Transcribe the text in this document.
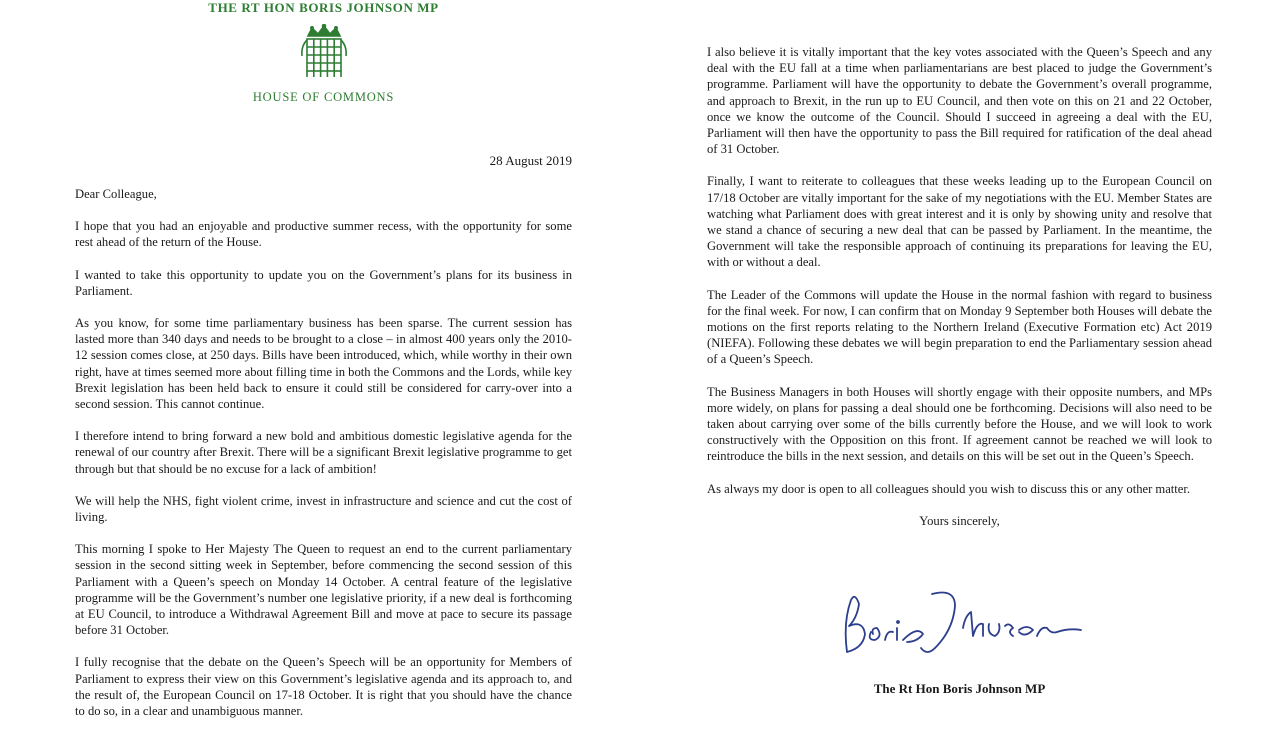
THE RT HON BORIS JOHNSON MP
HOUSE OF COMMONS
28 August 2019

Dear Colleague,

I hope that you had an enjoyable and productive summer recess, with the opportunity for some rest ahead of the return of the House.

I wanted to take this opportunity to update you on the Government’s plans for its business in Parliament.

As you know, for some time parliamentary business has been sparse. The current session has lasted more than 340 days and needs to be brought to a close – in almost 400 years only the 2010-12 session comes close, at 250 days. Bills have been introduced, which, while worthy in their own right, have at times seemed more about filling time in both the Commons and the Lords, while key Brexit legislation has been held back to ensure it could still be considered for carry-over into a second session. This cannot continue.

I therefore intend to bring forward a new bold and ambitious domestic legislative agenda for the renewal of our country after Brexit. There will be a significant Brexit legislative programme to get through but that should be no excuse for a lack of ambition!

We will help the NHS, fight violent crime, invest in infrastructure and science and cut the cost of living.

This morning I spoke to Her Majesty The Queen to request an end to the current parliamentary session in the second sitting week in September, before commencing the second session of this Parliament with a Queen’s speech on Monday 14 October. A central feature of the legislative programme will be the Government’s number one legislative priority, if a new deal is forthcoming at EU Council, to introduce a Withdrawal Agreement Bill and move at pace to secure its passage before 31 October.

I fully recognise that the debate on the Queen’s Speech will be an opportunity for Members of Parliament to express their view on this Government’s legislative agenda and its approach to, and the result of, the European Council on 17-18 October. It is right that you should have the chance to do so, in a clear and unambiguous manner.

I also believe it is vitally important that the key votes associated with the Queen’s Speech and any deal with the EU fall at a time when parliamentarians are best placed to judge the Government’s programme. Parliament will have the opportunity to debate the Government’s overall programme, and approach to Brexit, in the run up to EU Council, and then vote on this on 21 and 22 October, once we know the outcome of the Council. Should I succeed in agreeing a deal with the EU, Parliament will then have the opportunity to pass the Bill required for ratification of the deal ahead of 31 October.

Finally, I want to reiterate to colleagues that these weeks leading up to the European Council on 17/18 October are vitally important for the sake of my negotiations with the EU. Member States are watching what Parliament does with great interest and it is only by showing unity and resolve that we stand a chance of securing a new deal that can be passed by Parliament. In the meantime, the Government will take the responsible approach of continuing its preparations for leaving the EU, with or without a deal.

The Leader of the Commons will update the House in the normal fashion with regard to business for the final week. For now, I can confirm that on Monday 9 September both Houses will debate the motions on the first reports relating to the Northern Ireland (Executive Formation etc) Act 2019 (NIEFA). Following these debates we will begin preparation to end the Parliamentary session ahead of a Queen’s Speech.

The Business Managers in both Houses will shortly engage with their opposite numbers, and MPs more widely, on plans for passing a deal should one be forthcoming. Decisions will also need to be taken about carrying over some of the bills currently before the House, and we will look to work constructively with the Opposition on this front. If agreement cannot be reached we will look to reintroduce the bills in the next session, and details on this will be set out in the Queen’s Speech.

As always my door is open to all colleagues should you wish to discuss this or any other matter.

Yours sincerely,

The Rt Hon Boris Johnson MP
